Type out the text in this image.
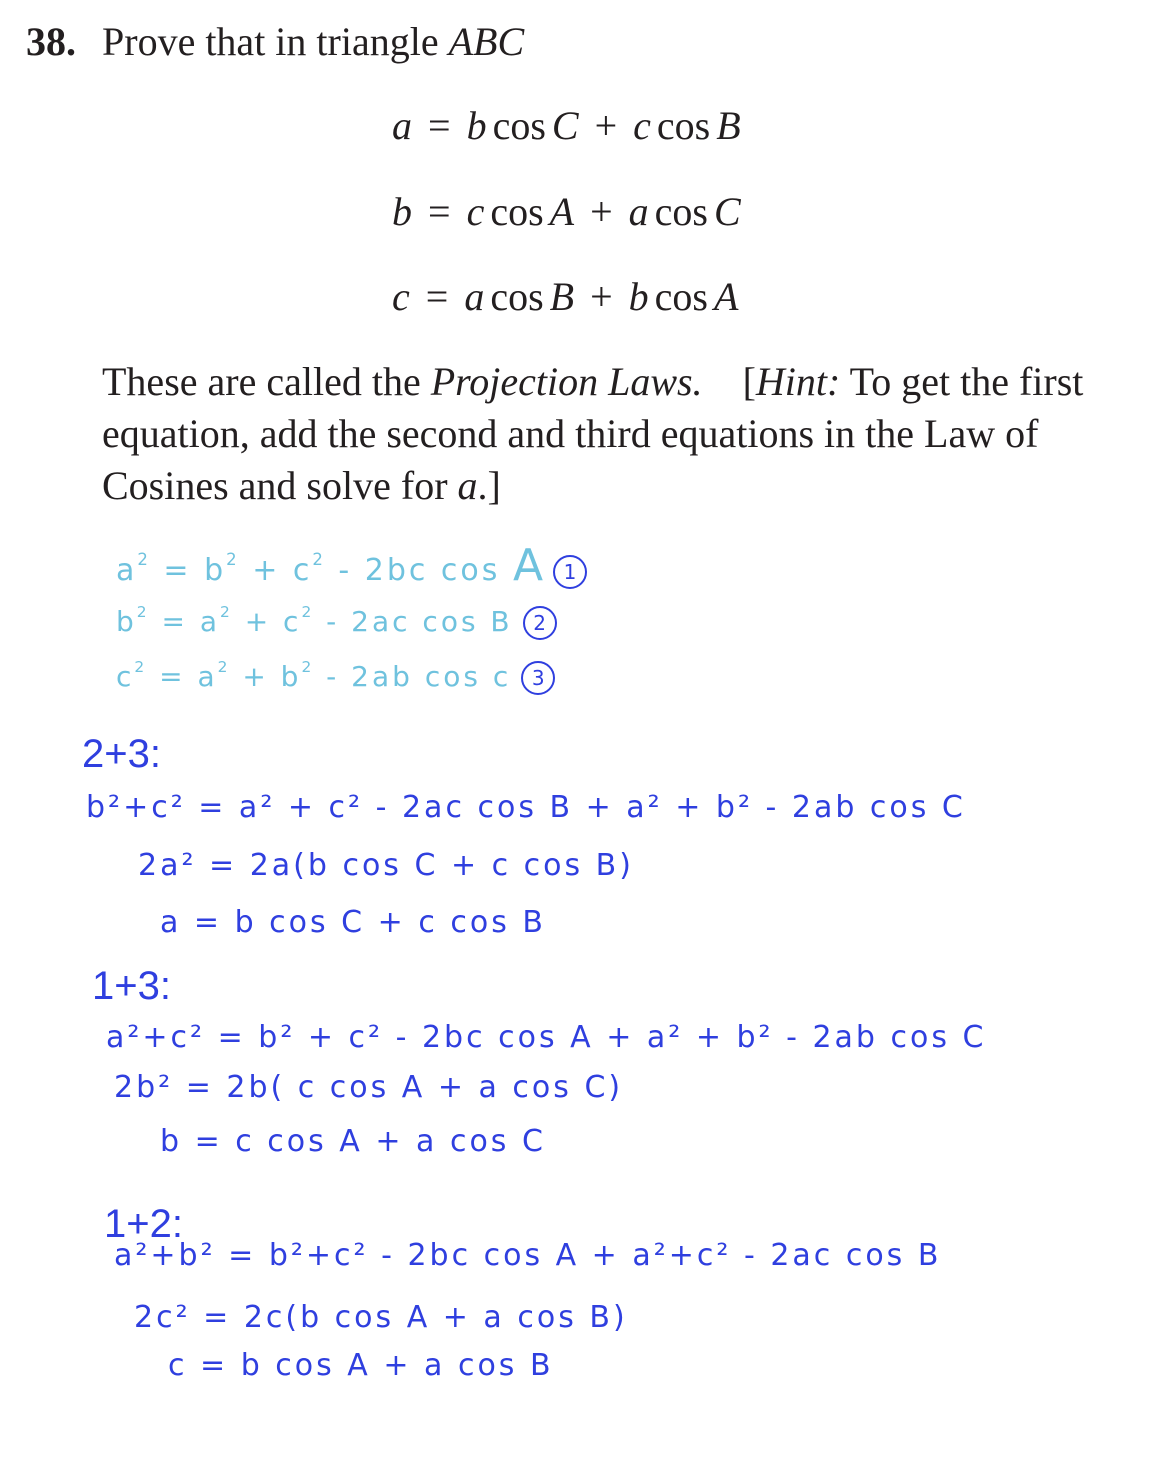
38. Prove that in triangle ABC
a = b cos C + c cos B
b = c cos A + a cos C
c = a cos B + b cos A
These are called the Projection Laws.    [Hint: To get the first
equation, add the second and third equations in the Law of
Cosines and solve for a.]
$a^2 = b^2 + c^2 - 2bc$ cos A 1
$b^2 = a^2 + c^2 - 2ac$ cos B 2
$c^2 = a^2 + b^2 - 2ab$ cos c 3
2+3:
b²+c² = a² + c² - 2ac cos B + a² + b² - 2ab cos C
2a² = 2a(b cos C + c cos B)
a = b cos C + c cos B
1+3:
a²+c² = b² + c² - 2bc cos A + a² + b² - 2ab cos C
2b² = 2b( c cos A + a cos C)
b = c cos A + a cos C
1+2:
a²+b² = b²+c² - 2bc cos A + a²+c² - 2ac cos B
2c² = 2c(b cos A + a cos B)
c = b cos A + a cos B
